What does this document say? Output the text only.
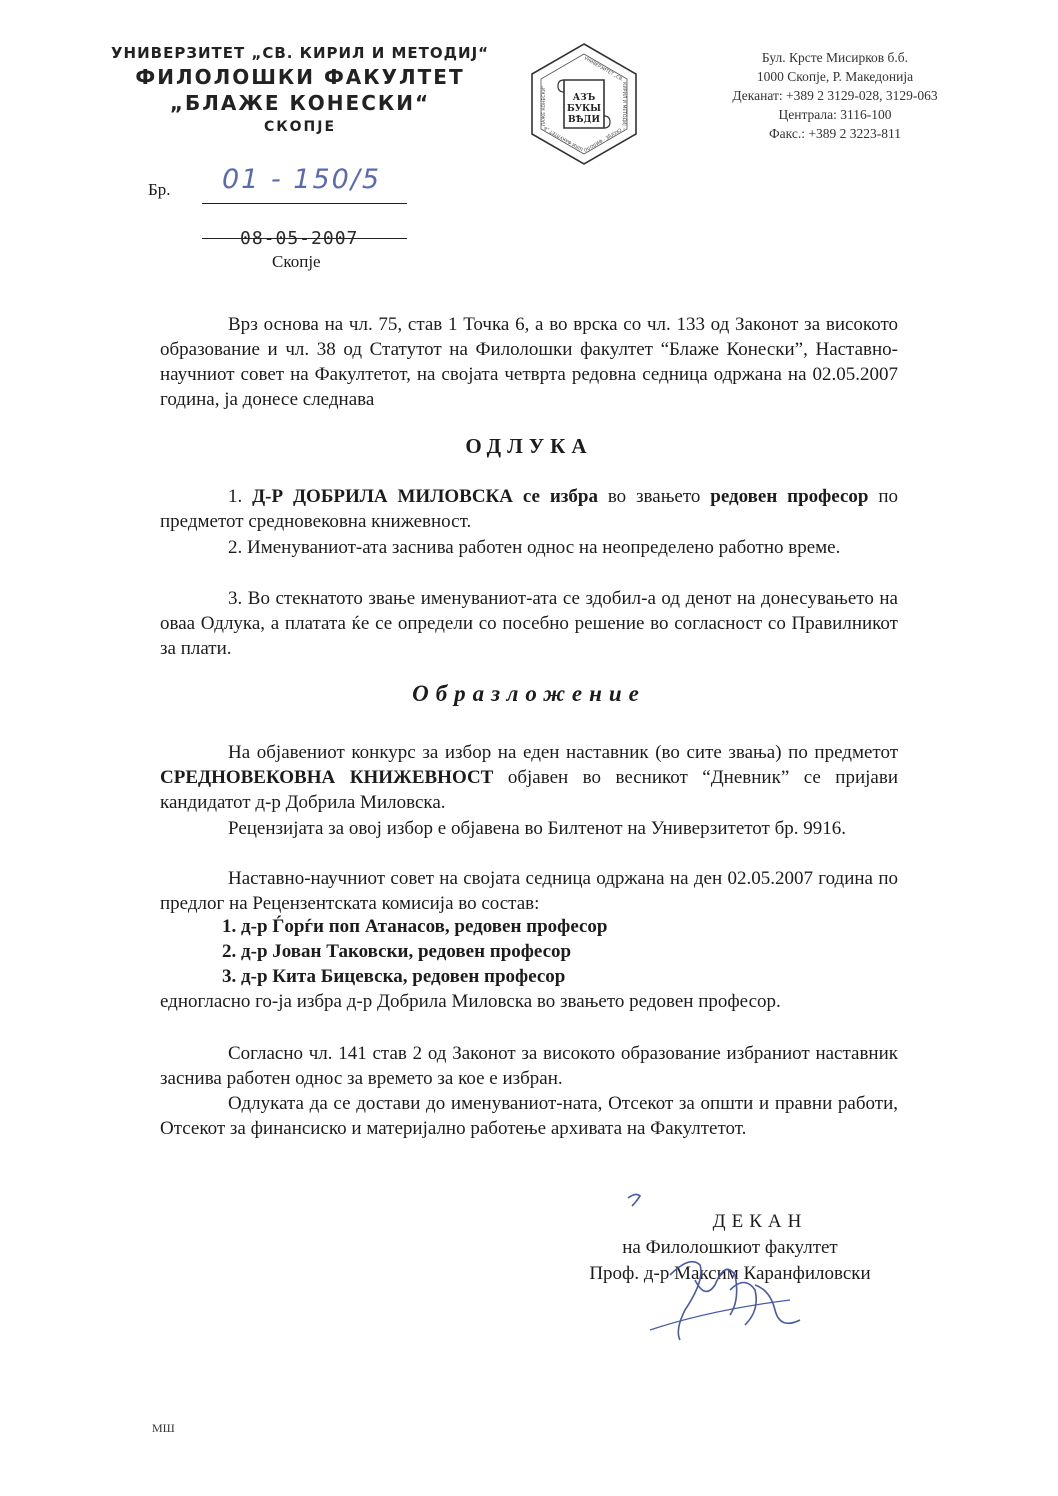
УНИВЕРЗИТЕТ „СВ. КИРИЛ И МЕТОДИЈ“
ФИЛОЛОШКИ ФАКУЛТЕТ
„БЛАЖЕ КОНЕСКИ“
СКОПЈЕ
АЗЪ
БУКЫ
ВѢДИ
УНИВЕРЗИТЕТ „СВ. КИРИЛ И МЕТОДИЈ“ СКОПЈЕ · ФИЛОЛОШКИ ФАКУЛТЕТ „БЛАЖЕ КОНЕСКИ“
Бул. Крсте Мисирков б.б.
1000 Скопје, Р. Македонија
Деканат: +389 2 3129-028, 3129-063
Централа: 3116-100
Факс.: +389 2 3223-811
Бр. 01 - 150/5
08-05-2007
Скопје
Врз основа на чл. 75, став 1 Точка 6, а во врска со чл. 133 од Законот за високото образование и чл. 38 од Статутот на Филолошки факултет “Блаже Конески”, Наставно-научниот совет на Факултетот, на својата четврта редовна седница одржана на 02.05.2007 година, ја донесе следнава
ОДЛУКА
1. Д-Р ДОБРИЛА МИЛОВСКА се избра во звањето редовен професор по предметот средновековна книжевност.
2. Именуваниот-ата заснива работен однос на неопределено работно време.
3. Во стекнатото звање именуваниот-ата се здобил-а од денот на донесувањето на оваа Одлука, а платата ќе се определи со посебно решение во согласност со Правилникот за плати.
Образложение
На објавениот конкурс за избор на еден наставник (во сите звања) по предметот СРЕДНОВЕКОВНА КНИЖЕВНОСТ објавен во весникот “Дневник” се пријави кандидатот д-р Добрила Миловска.
Рецензијата за овој избор е објавена во Билтенот на Универзитетот бр. 9916.
Наставно-научниот совет на својата седница одржана на ден 02.05.2007 година по предлог на Рецензентската комисија во состав:
1. д-р Ѓорѓи поп Атанасов, редовен професор
2. д-р Јован Таковски, редовен професор
3. д-р Кита Бицевска, редовен професор
едногласно го-ја избра д-р Добрила Миловска во звањето редовен професор.
Согласно чл. 141 став 2 од Законот за високото образование избраниот наставник заснива работен однос за времето за кое е избран.
Одлуката да се достави до именуваниот-ната, Отсекот за општи и правни работи, Отсекот за финансиско и материјално работење архивата на Факултетот.
ДЕКАН
на Филолошкиот факултет
Проф. д-р Максим Каранфиловски
МШ
